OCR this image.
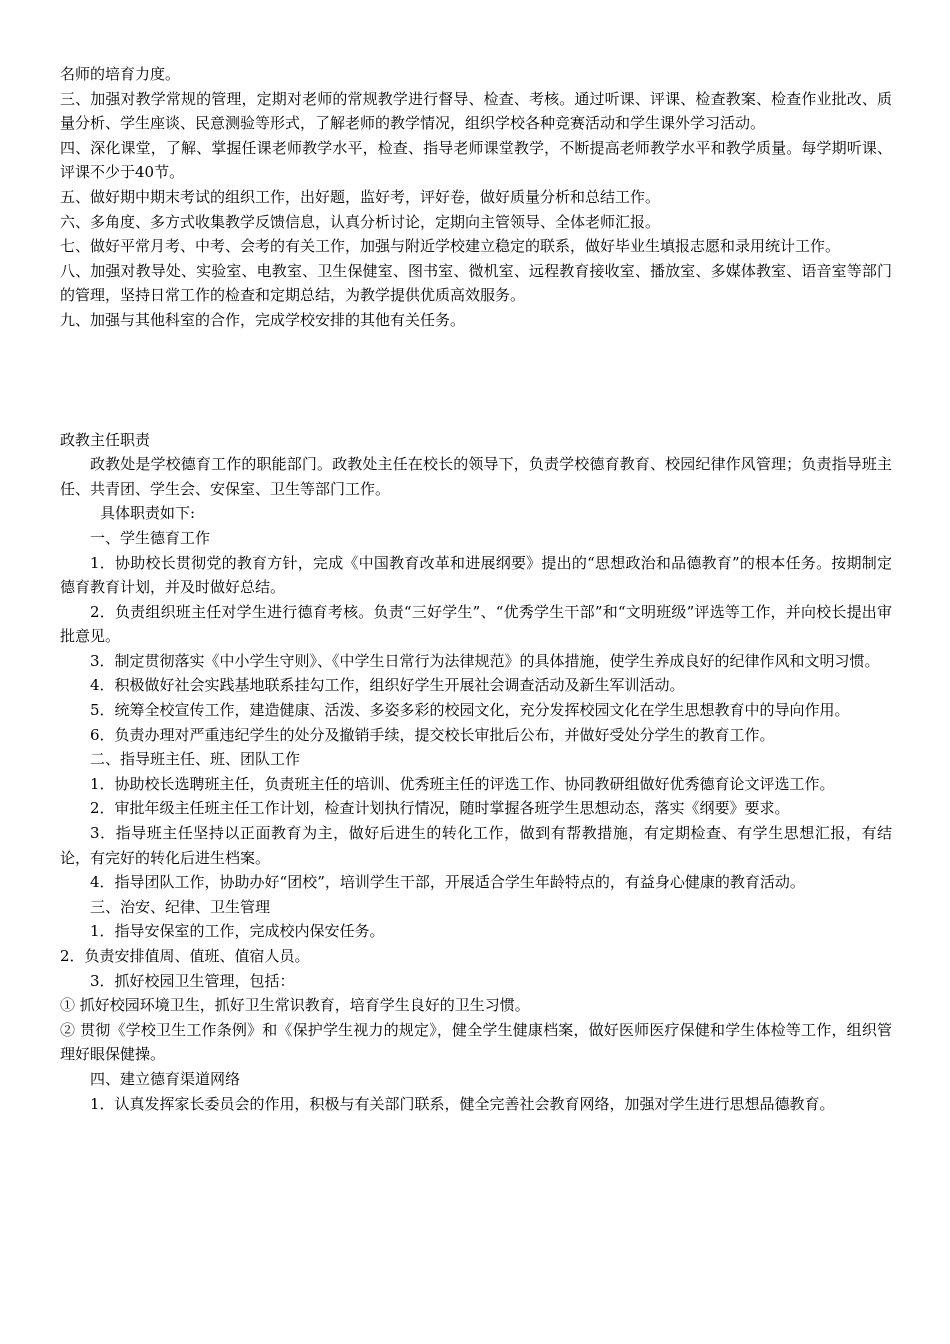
名师的培育力度。

三、加强对教学常规的管理，定期对老师的常规教学进行督导、检查、考核。通过听课、评课、检查教案、检查作业批改、质量分析、学生座谈、民意测验等形式，了解老师的教学情况，组织学校各种竞赛活动和学生课外学习活动。

四、深化课堂，了解、掌握任课老师教学水平，检查、指导老师课堂教学，不断提高老师教学水平和教学质量。每学期听课、评课不少于40节。

五、做好期中期末考试的组织工作，出好题，监好考，评好卷，做好质量分析和总结工作。

六、多角度、多方式收集教学反馈信息，认真分析讨论，定期向主管领导、全体老师汇报。

七、做好平常月考、中考、会考的有关工作，加强与附近学校建立稳定的联系，做好毕业生填报志愿和录用统计工作。

八、加强对教导处、实验室、电教室、卫生保健室、图书室、微机室、远程教育接收室、播放室、多媒体教室、语音室等部门的管理，坚持日常工作的检查和定期总结，为教学提供优质高效服务。

九、加强与其他科室的合作，完成学校安排的其他有关任务。

政教主任职责

政教处是学校德育工作的职能部门。政教处主任在校长的领导下，负责学校德育教育、校园纪律作风管理；负责指导班主任、共青团、学生会、安保室、卫生等部门工作。

具体职责如下:

一、学生德育工作

1．协助校长贯彻党的教育方针，完成《中国教育改革和进展纲要》提出的“思想政治和品德教育”的根本任务。按期制定德育教育计划，并及时做好总结。

2．负责组织班主任对学生进行德育考核。负责“三好学生”、“优秀学生干部”和“文明班级”评选等工作，并向校长提出审批意见。

3．制定贯彻落实《中小学生守则》、《中学生日常行为法律规范》的具体措施，使学生养成良好的纪律作风和文明习惯。

4．积极做好社会实践基地联系挂勾工作，组织好学生开展社会调查活动及新生军训活动。

5．统筹全校宣传工作，建造健康、活泼、多姿多彩的校园文化，充分发挥校园文化在学生思想教育中的导向作用。

6．负责办理对严重违纪学生的处分及撤销手续，提交校长审批后公布，并做好受处分学生的教育工作。

二、指导班主任、班、团队工作

1．协助校长选聘班主任，负责班主任的培训、优秀班主任的评选工作、协同教研组做好优秀德育论文评选工作。

2．审批年级主任班主任工作计划，检查计划执行情况，随时掌握各班学生思想动态，落实《纲要》要求。

3．指导班主任坚持以正面教育为主，做好后进生的转化工作，做到有帮教措施，有定期检查、有学生思想汇报，有结论，有完好的转化后进生档案。

4．指导团队工作，协助办好“团校”，培训学生干部，开展适合学生年龄特点的，有益身心健康的教育活动。

三、治安、纪律、卫生管理

1．指导安保室的工作，完成校内保安任务。

2．负责安排值周、值班、值宿人员。

3．抓好校园卫生管理，包括：

① 抓好校园环境卫生，抓好卫生常识教育，培育学生良好的卫生习惯。

② 贯彻《学校卫生工作条例》和《保护学生视力的规定》，健全学生健康档案，做好医师医疗保健和学生体检等工作，组织管理好眼保健操。

四、建立德育渠道网络

1．认真发挥家长委员会的作用，积极与有关部门联系，健全完善社会教育网络，加强对学生进行思想品德教育。
